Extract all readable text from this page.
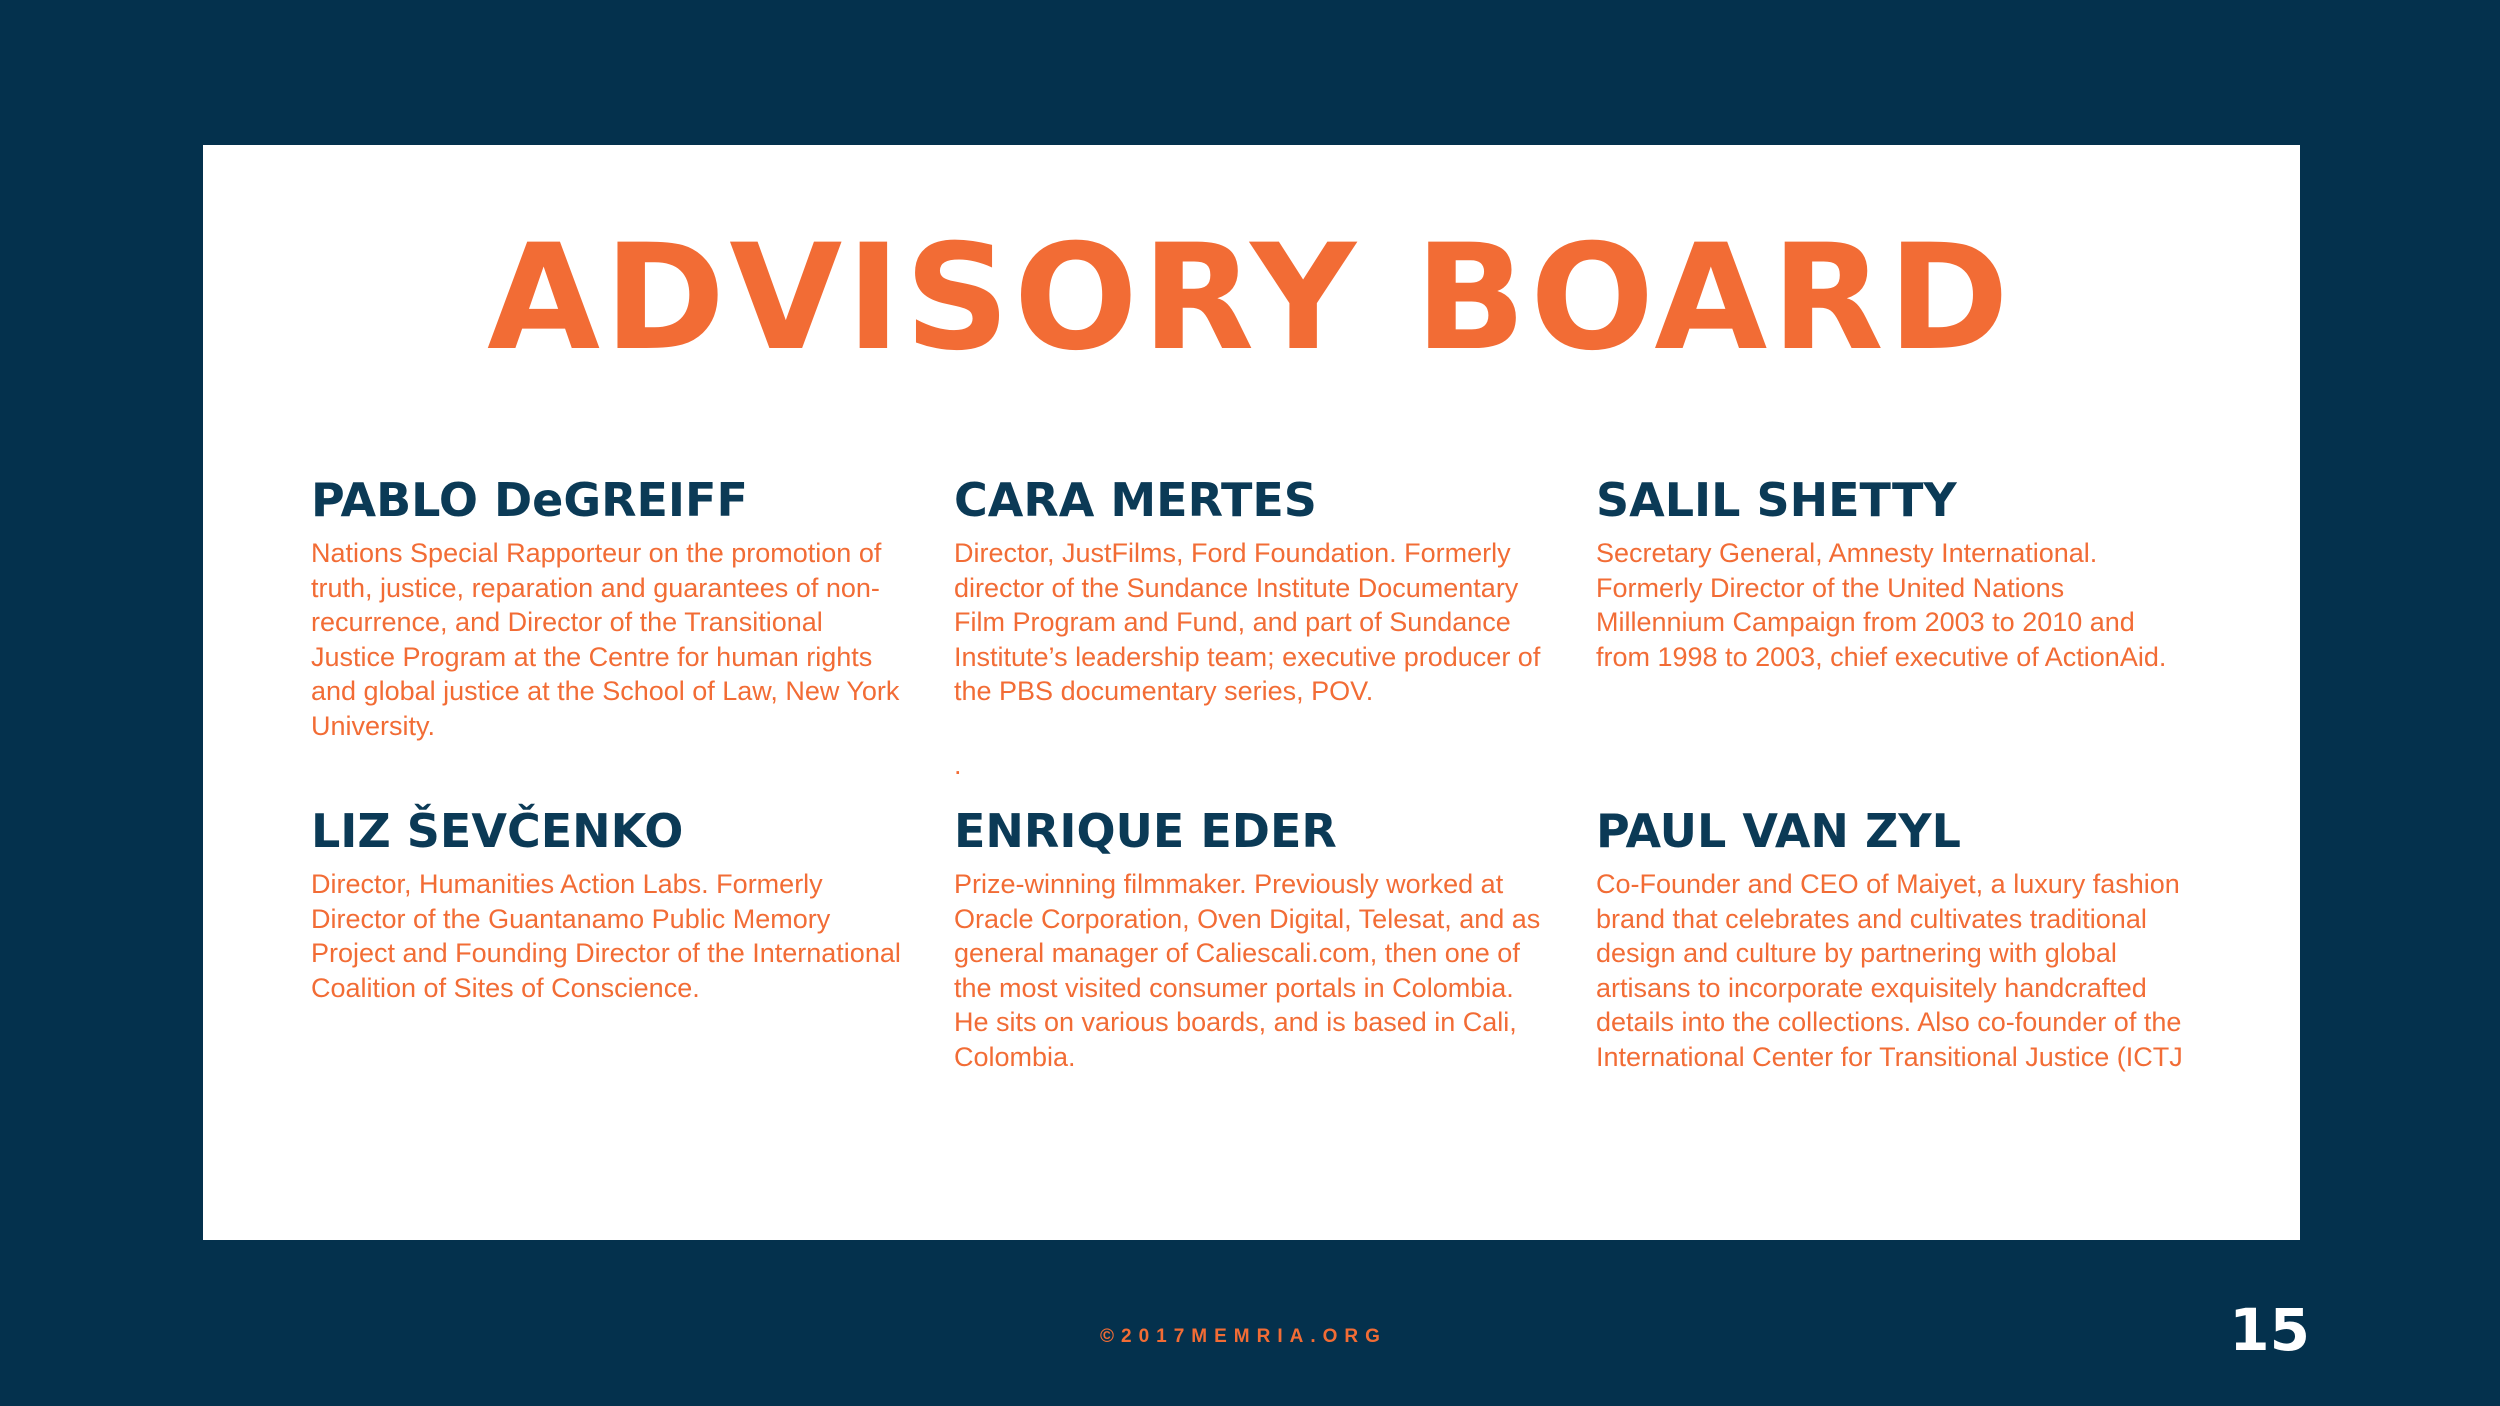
ADVISORY BOARD
PABLO DeGREIFF

Nations Special Rapporteur on the promotion of truth, justice, reparation and guarantees of non-recurrence, and Director of the Transitional Justice Program at the Centre for human rights and global justice at the School of Law, New York University.

CARA MERTES

Director, JustFilms, Ford Foundation. Formerly director of the Sundance Institute Documentary Film Program and Fund, and part of Sundance Institute’s leadership team; executive producer of the PBS documentary series, POV.

SALIL SHETTY

Secretary General, Amnesty International. Formerly Director of the United Nations Millennium Campaign from 2003 to 2010 and from 1998 to 2003, chief executive of ActionAid.

.
LIZ ŠEVČENKO

Director, Humanities Action Labs. Formerly Director of the Guantanamo Public Memory Project and Founding Director of the International Coalition of Sites of Conscience.

ENRIQUE EDER

Prize-winning filmmaker. Previously worked at Oracle Corporation, Oven Digital, Telesat, and as general manager of Caliescali.com, then one of the most visited consumer portals in Colombia. He sits on various boards, and is based in Cali, Colombia.

PAUL VAN ZYL

Co-Founder and CEO of Maiyet, a luxury fashion brand that celebrates and cultivates traditional design and culture by partnering with global artisans to incorporate exquisitely handcrafted details into the collections. Also co-founder of the International Center for Transitional Justice (ICTJ

©2017MEMRIA.ORG	15
